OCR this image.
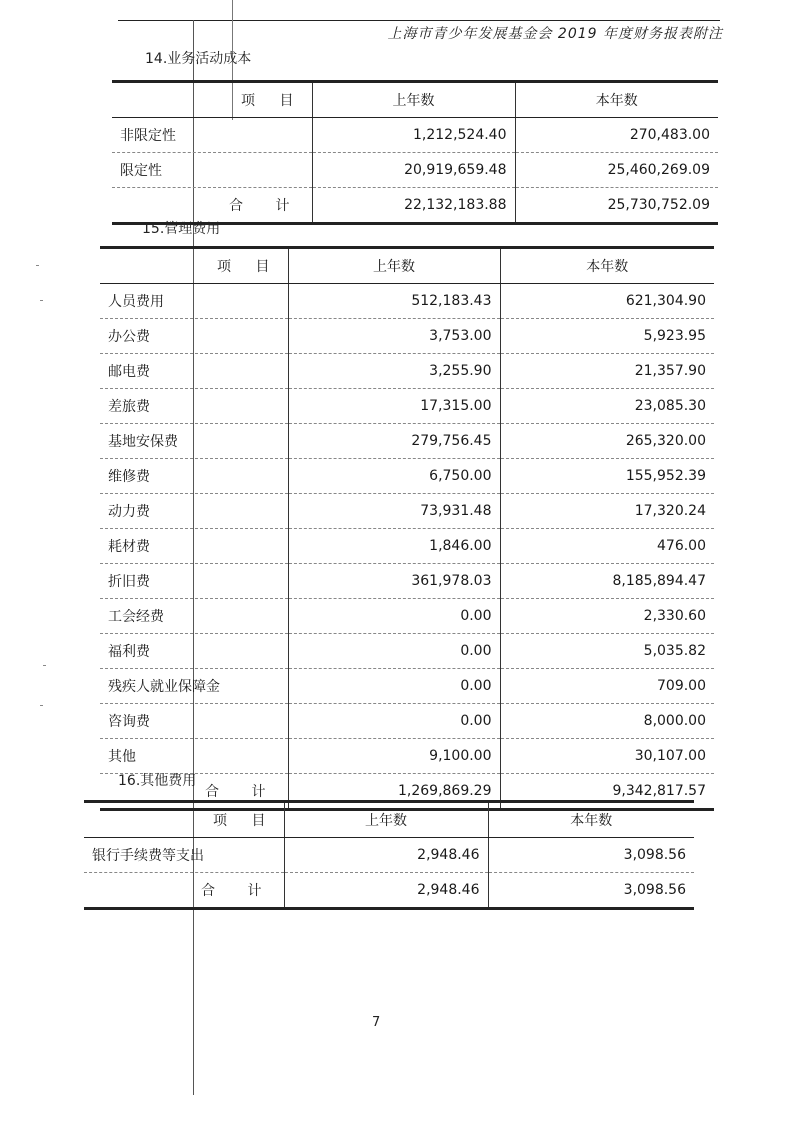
上海市青少年发展基金会 2019 年度财务报表附注
14.业务活动成本
项 目	上年数	本年数
非限定性	1,212,524.40	270,483.00
限定性	20,919,659.48	25,460,269.09
合 计	22,132,183.88	25,730,752.09
15.管理费用
项 目	上年数	本年数
人员费用	512,183.43	621,304.90
办公费	3,753.00	5,923.95
邮电费	3,255.90	21,357.90
差旅费	17,315.00	23,085.30
基地安保费	279,756.45	265,320.00
维修费	6,750.00	155,952.39
动力费	73,931.48	17,320.24
耗材费	1,846.00	476.00
折旧费	361,978.03	8,185,894.47
工会经费	0.00	2,330.60
福利费	0.00	5,035.82
残疾人就业保障金	0.00	709.00
咨询费	0.00	8,000.00
其他	9,100.00	30,107.00
合 计	1,269,869.29	9,342,817.57
16.其他费用
项 目	上年数	本年数
银行手续费等支出	2,948.46	3,098.56
合 计	2,948.46	3,098.56
7
